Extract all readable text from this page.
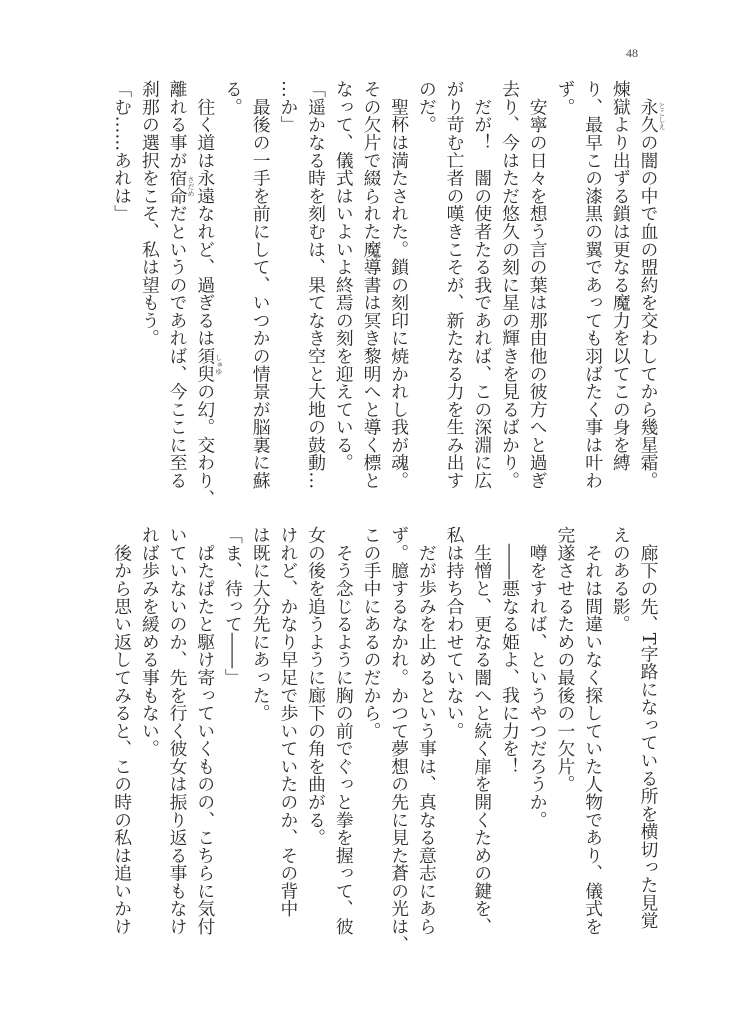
48
　永久の闇の中で血の盟約を交わしてから幾星霜。
煉獄より出ずる鎖は更なる魔力を以てこの身を縛
り、最早この漆黒の翼であっても羽ばたく事は叶わ
ず。
　安寧の日々を想う言の葉は那由他の彼方へと過ぎ
去り、今はただ悠久の刻に星の輝きを見るばかり。
　だが！　闇の使者たる我であれば、この深淵に広
がり苛む亡者の嘆きこそが、新たなる力を生み出す
のだ。
　聖杯は満たされた。鎖の刻印に焼かれし我が魂。
その欠片で綴られた魔導書は冥き黎明へと導く標と
なって、儀式はいよいよ終焉の刻を迎えている。
「遥かなる時を刻むは、果てなき空と大地の鼓動…
…か」
　最後の一手を前にして、いつかの情景が脳裏に蘇
る。
　往く道は永遠なれど、過ぎるは須臾の幻。交わり、
離れる事が宿命だというのであれば、今ここに至る
刹那の選択をこそ、私は望もう。
「む……あれは」
　廊下の先、T字路になっている所を横切った見覚
えのある影。
　それは間違いなく探していた人物であり、儀式を
完遂させるための最後の一欠片。
　噂をすれば、というやつだろうか。
　――悪なる姫よ、我に力を！
　生憎と、更なる闇へと続く扉を開くための鍵を、
私は持ち合わせていない。
　だが歩みを止めるという事は、真なる意志にあら
ず。臆するなかれ。かつて夢想の先に見た蒼の光は、
この手中にあるのだから。
　そう念じるように胸の前でぐっと拳を握って、彼
女の後を追うように廊下の角を曲がる。
けれど、かなり早足で歩いていたのか、その背中
は既に大分先にあった。
「ま、待って――」
　ぱたぱたと駆け寄っていくものの、こちらに気付
いていないのか、先を行く彼女は振り返る事もなけ
れば歩みを緩める事もない。
　後から思い返してみると、この時の私は追いかけ
とこしえ
しゅゆ
さだめ
